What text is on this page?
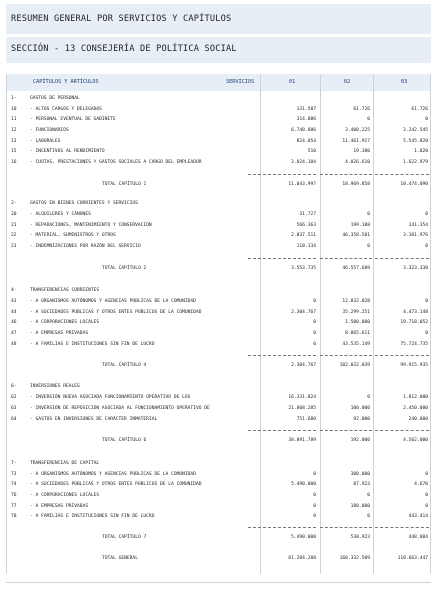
RESUMEN GENERAL POR SERVICIOS Y CAPÍTULOS
SECCIÓN - 13 CONSEJERÍA DE POLÍTICA SOCIAL
CAPÍTULOS Y ARTÍCULOS	SERVICIOS	01	02	03
1-	GASTOS DE PERSONAL
10	- ALTOS CARGOS Y DELEGADOS	131.507	61.726	61.726
11	- PERSONAL EVENTUAL DE GABINETE	314.886	0	0
12	- FUNCIONARIOS	6.748.886	3.400.225	3.242.545
13	- LABORALES	824.054	11.461.917	5.545.820
15	- INCENTIVOS AL RENDIMIENTO	510	19.380	1.020
16	- CUOTAS, PRESTACIONES Y GASTOS SOCIALES A CARGO DEL EMPLEADOR	3.024.104	4.026.610	1.622.979
TOTAL CAPÍTULO 1	11.043.997	18.969.858	10.474.090
2-	GASTOS EN BIENES CORRIENTES Y SERVICIOS
20	- ALQUILERES Y CÁNONES	31.727	0	0
21	- REPARACIONES, MANTENIMIENTO Y CONSERVACIÓN	566.363	199.108	141.354
22	- MATERIAL, SUMINISTROS Y OTROS	2.837.511	46.358.581	3.181.976
23	- INDEMNIZACIONES POR RAZÓN DEL SERVICIO	118.134	0	0
TOTAL CAPÍTULO 2	3.553.735	46.557.689	3.323.330
4-	TRANSFERENCIAS CORRIENTES
43	- A ORGANISMOS AUTÓNOMOS Y AGENCIAS PÚBLICAS DE LA COMUNIDAD	0	12.832.028	0
44	- A SOCIEDADES PÚBLICAS Y OTROS ENTES PÚBLICOS DE LA COMUNIDAD	2.304.767	35.299.251	4.473.148
46	- A CORPORACIONES LOCALES	0	1.500.000	19.718.052
47	- A EMPRESAS PRIVADAS	0	8.865.611	0
48	- A FAMILIAS E INSTITUCIONES SIN FIN DE LUCRO	0	43.535.149	75.724.735
TOTAL CAPÍTULO 4	2.304.767	102.032.039	99.915.935
6-	INVERSIONES REALES
62	- INVERSIÓN NUEVA ASOCIADA FUNCIONAMIENTO OPERATIVO DE LOS	16.331.824	0	1.812.000
63	- INVERSIÓN DE REPOSICIÓN ASOCIADA AL FUNCIONAMIENTO OPERATIVO DE	21.808.285	100.000	2.450.000
64	- GASTOS EN INVERSIONES DE CARÁCTER INMATERIAL	751.680	92.000	240.000
TOTAL CAPÍTULO 6	38.891.789	192.000	4.502.000
7-	TRANSFERENCIAS DE CAPITAL
73	- A ORGANISMOS AUTÓNOMOS Y AGENCIAS PÚBLICAS DE LA COMUNIDAD	0	300.000	0
74	- A SOCIEDADES PÚBLICAS Y OTROS ENTES PÚBLICOS DE LA COMUNIDAD	5.490.000	87.923	4.670
76	- A CORPORACIONES LOCALES	0	0	0
77	- A EMPRESAS PRIVADAS	0	180.000	0
78	- A FAMILIAS E INSTITUCIONES SIN FIN DE LUCRO	0	0	443.414
TOTAL CAPÍTULO 7	5.490.000	530.923	448.084
TOTAL GENERAL	61.284.288	168.332.509	118.663.447
